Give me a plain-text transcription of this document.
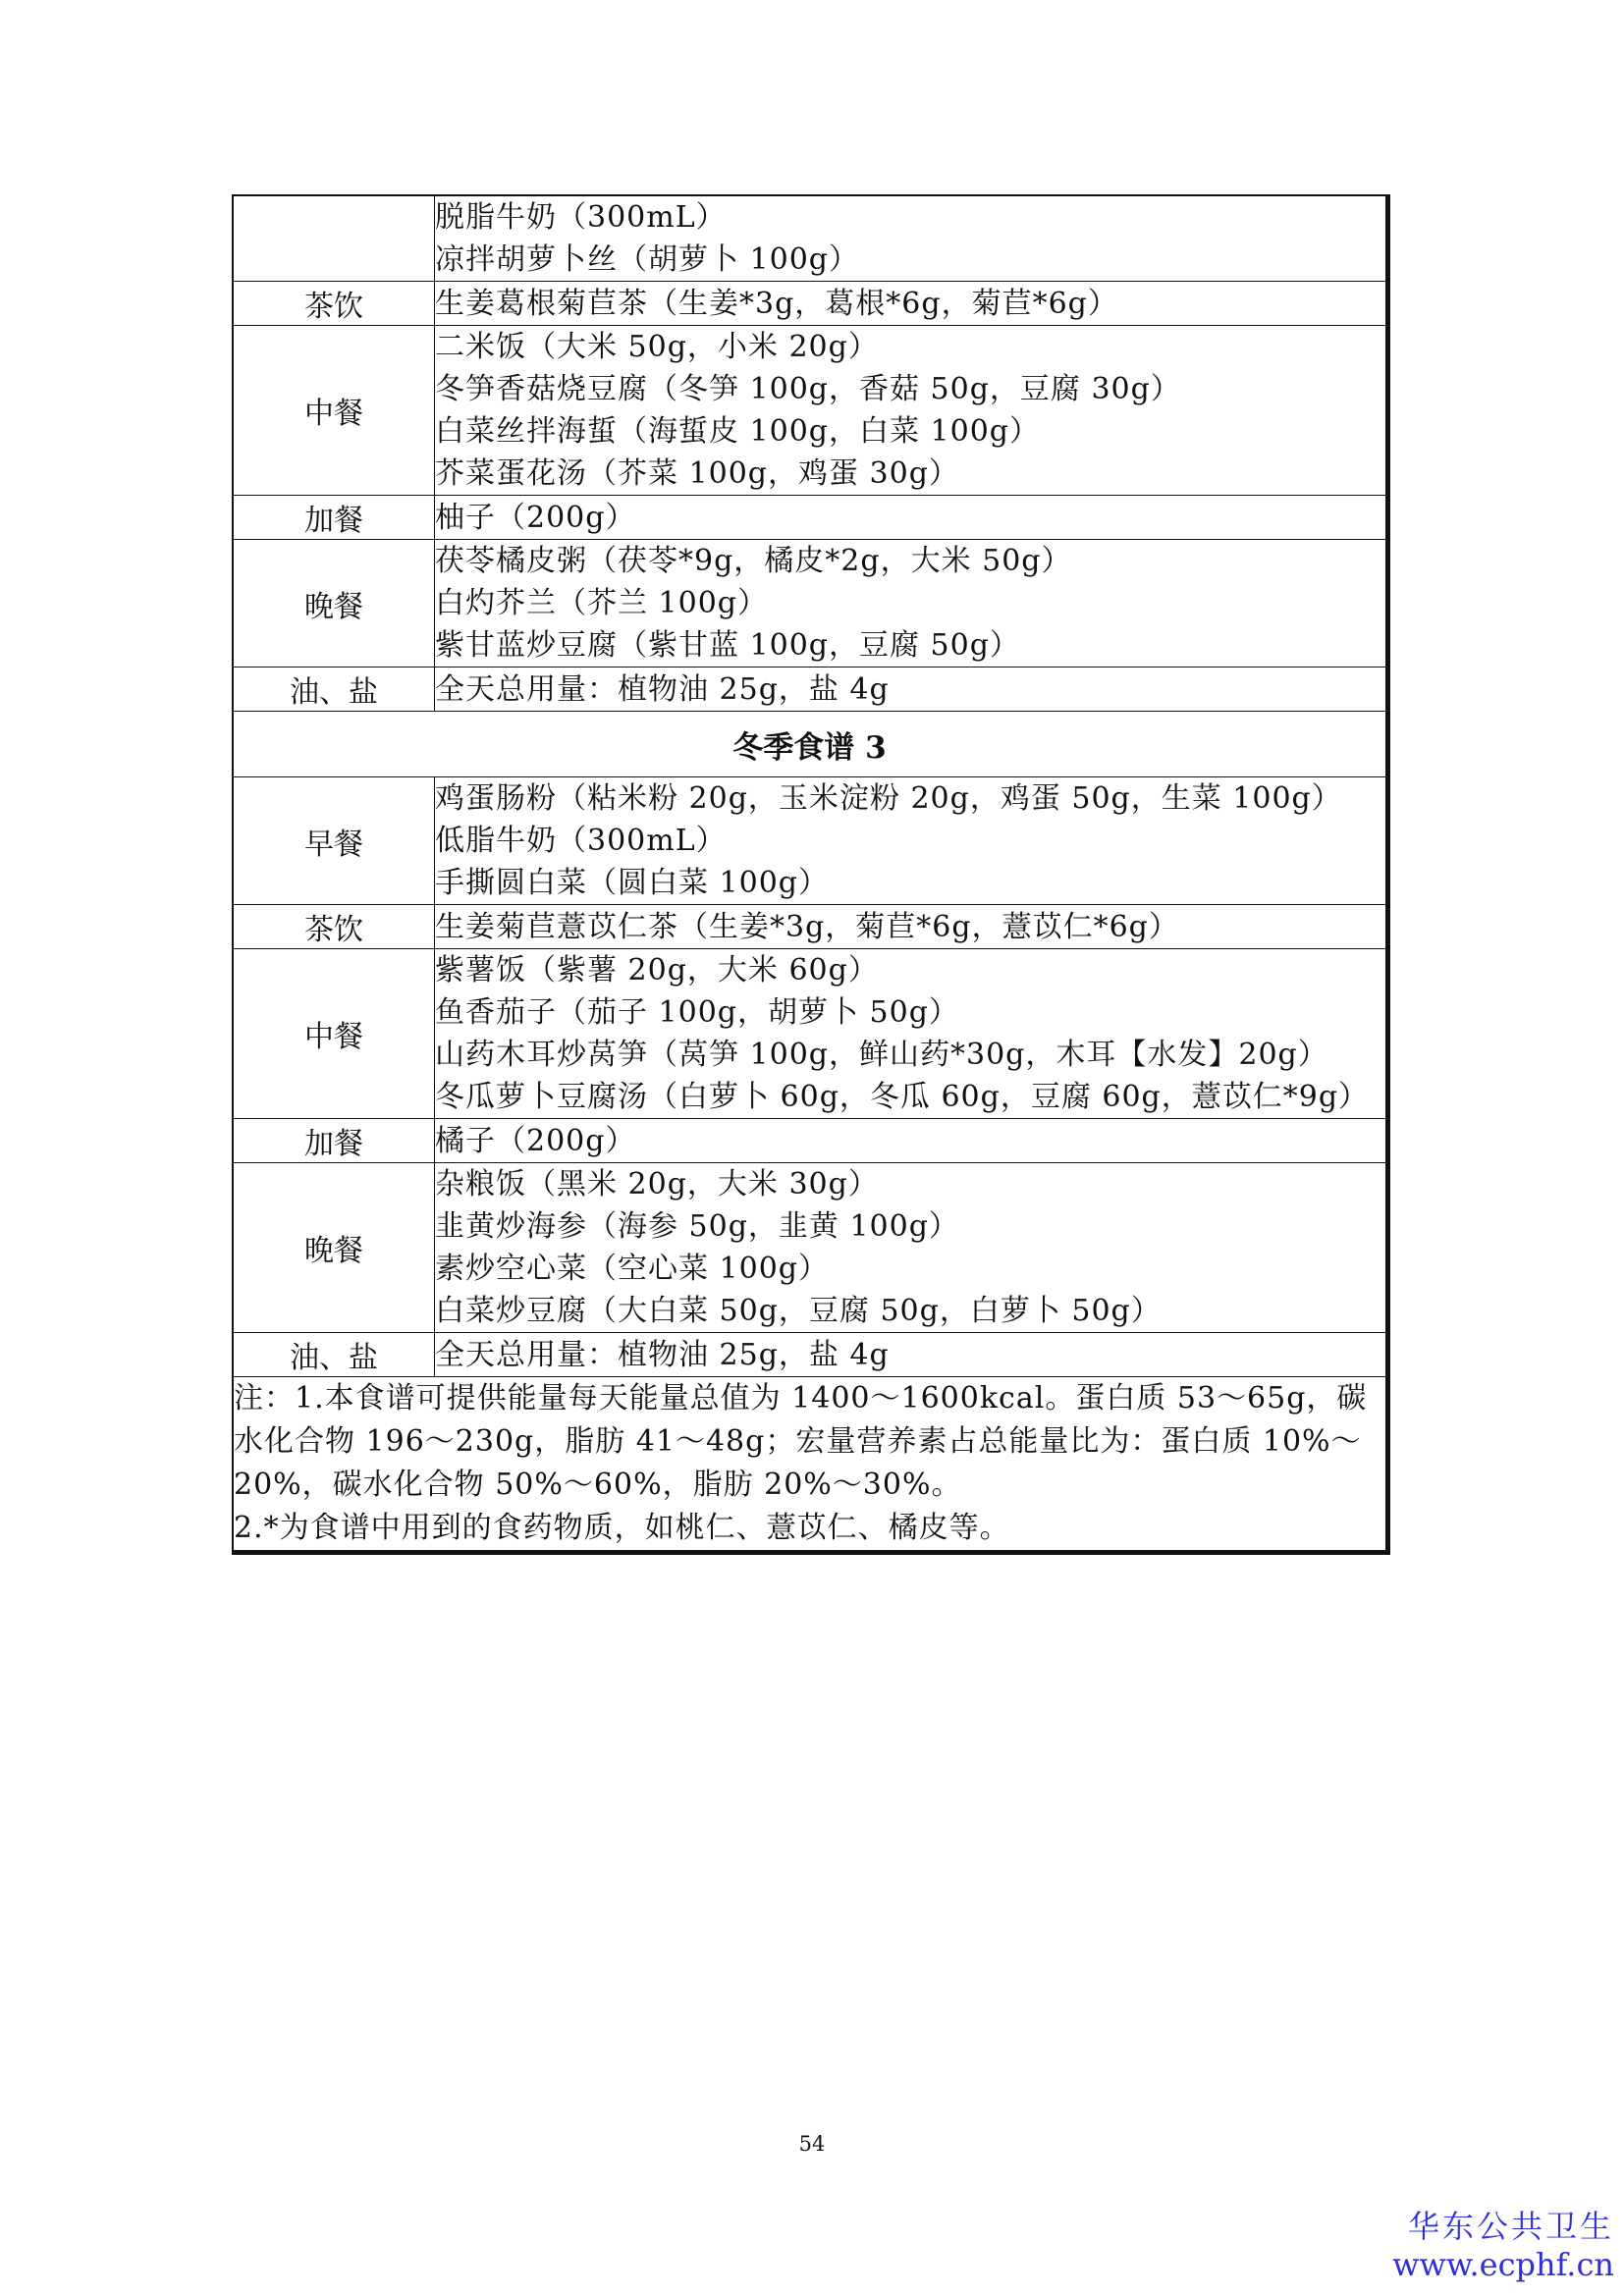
	脱脂牛奶（300mL）
凉拌胡萝卜丝（胡萝卜 100g）

茶饮	生姜葛根菊苣茶（生姜*3g，葛根*6g，菊苣*6g）

中餐	二米饭（大米 50g，小米 20g）
冬笋香菇烧豆腐（冬笋 100g，香菇 50g，豆腐 30g）
白菜丝拌海蜇（海蜇皮 100g，白菜 100g）
芥菜蛋花汤（芥菜 100g，鸡蛋 30g）

加餐	柚子（200g）

晚餐	茯苓橘皮粥（茯苓*9g，橘皮*2g，大米 50g）
白灼芥兰（芥兰 100g）
紫甘蓝炒豆腐（紫甘蓝 100g，豆腐 50g）

油、盐	全天总用量：植物油 25g，盐 4g

冬季食谱 3	
早餐	鸡蛋肠粉（粘米粉 20g，玉米淀粉 20g，鸡蛋 50g，生菜 100g）
低脂牛奶（300mL）
手撕圆白菜（圆白菜 100g）

茶饮	生姜菊苣薏苡仁茶（生姜*3g，菊苣*6g，薏苡仁*6g）

中餐	紫薯饭（紫薯 20g，大米 60g）
鱼香茄子（茄子 100g，胡萝卜 50g）
山药木耳炒莴笋（莴笋 100g，鲜山药*30g，木耳【水发】20g）
冬瓜萝卜豆腐汤（白萝卜 60g，冬瓜 60g，豆腐 60g，薏苡仁*9g）

加餐	橘子（200g）

晚餐	杂粮饭（黑米 20g，大米 30g）
韭黄炒海参（海参 50g，韭黄 100g）
素炒空心菜（空心菜 100g）
白菜炒豆腐（大白菜 50g，豆腐 50g，白萝卜 50g）

油、盐	全天总用量：植物油 25g，盐 4g

注：1.本食谱可提供能量每天能量总值为 1400～1600kcal。蛋白质 53～65g，碳
水化合物 196～230g，脂肪 41～48g；宏量营养素占总能量比为：蛋白质 10%～
20%，碳水化合物 50%～60%，脂肪 20%～30%。
2.*为食谱中用到的食药物质，如桃仁、薏苡仁、橘皮等。	
54
华东公共卫生
www.ecphf.cn
